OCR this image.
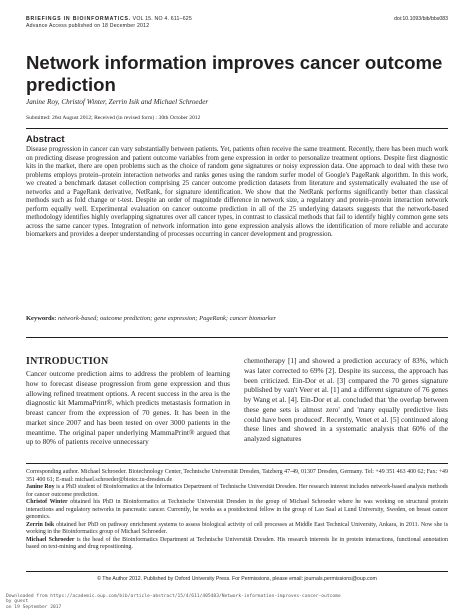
BRIEFINGS IN BIOINFORMATICS. VOL 15. NO 4. 611–625
Advance Access published on 18 December 2012
doi:10.1093/bib/bbs083
Network information improves cancer outcome prediction
Janine Roy, Christof Winter, Zerrin Isik and Michael Schroeder
Submitted: 26st August 2012; Received (in revised form) : 30th October 2012
Abstract
Disease progression in cancer can vary substantially between patients. Yet, patients often receive the same treatment. Recently, there has been much work on predicting disease progression and patient outcome variables from gene expression in order to personalize treatment options. Despite first diagnostic kits in the market, there are open problems such as the choice of random gene signatures or noisy expression data. One approach to deal with these two problems employs protein–protein interaction networks and ranks genes using the random surfer model of Google's PageRank algorithm. In this work, we created a benchmark dataset collection comprising 25 cancer outcome prediction datasets from literature and systematically evaluated the use of networks and a PageRank derivative, NetRank, for signature identification. We show that the NetRank performs significantly better than classical methods such as fold change or t-test. Despite an order of magnitude difference in network size, a regulatory and protein–protein interaction network perform equally well. Experimental evaluation on cancer outcome prediction in all of the 25 underlying datasets suggests that the network-based methodology identifies highly overlapping signatures over all cancer types, in contrast to classical methods that fail to identify highly common gene sets across the same cancer types. Integration of network information into gene expression analysis allows the identification of more reliable and accurate biomarkers and provides a deeper understanding of processes occurring in cancer development and progression.
Keywords: network-based; outcome prediction; gene expression; PageRank; cancer biomarker
INTRODUCTION
Cancer outcome prediction aims to address the problem of learning how to forecast disease progression from gene expression and thus allowing refined treatment options. A recent success in the area is the diagnostic kit MammaPrint®, which predicts metastasis formation in breast cancer from the expression of 70 genes. It has been in the market since 2007 and has been tested on over 3000 patients in the meantime. The original paper underlying MammaPrint® argued that up to 80% of patients receive unnecessary
chemotherapy [1] and showed a prediction accuracy of 83%, which was later corrected to 69% [2]. Despite its success, the approach has been criticized. Ein-Dor et al. [3] compared the 70 genes signature published by van't Veer et al. [1] and a different signature of 76 genes by Wang et al. [4]. Ein-Dor et al. concluded that 'the overlap between these gene sets is almost zero' and 'many equally predictive lists could have been produced'. Recently, Venet et al. [5] continued along these lines and showed in a systematic analysis that 60% of the analyzed signatures

Corresponding author. Michael Schroeder. Biotechnology Center, Technische Universität Dresden, Tatzberg 47-49, 01307 Dresden, Germany. Tel: +49 351 463 400 62; Fax: +49 351 400 61; E-mail: michael.schroeder@biotec.tu-dresden.de

Janine Roy is a PhD student of Bioinformatics at the Informatics Department of Technische Universität Dresden. Her research interest includes network-based analysis methods for cancer outcome prediction.

Christof Winter obtained his PhD in Bioinformatics at Technische Universität Dresden in the group of Michael Schroeder where he was working on structural protein interactions and regulatory networks in pancreatic cancer. Currently, he works as a postdoctoral fellow in the group of Lao Saal at Lund University, Sweden, on breast cancer genomics.

Zerrin Isik obtained her PhD on pathway enrichment systems to assess biological activity of cell processes at Middle East Technical University, Ankara, in 2011. Now she is working in the Bioinformatics group of Michael Schroeder.

Michael Schroeder is the head of the Bioinformatics Department at Technische Universität Dresden. His research interests lie in protein interactions, functional annotation based on text-mining and drug repositioning.

© The Author 2012. Published by Oxford University Press. For Permissions, please email: journals.permissions@oup.com
Downloaded from https://academic.oup.com/bib/article-abstract/15/4/611/405483/Network-information-improves-cancer-outcome
by guest
on 19 September 2017
